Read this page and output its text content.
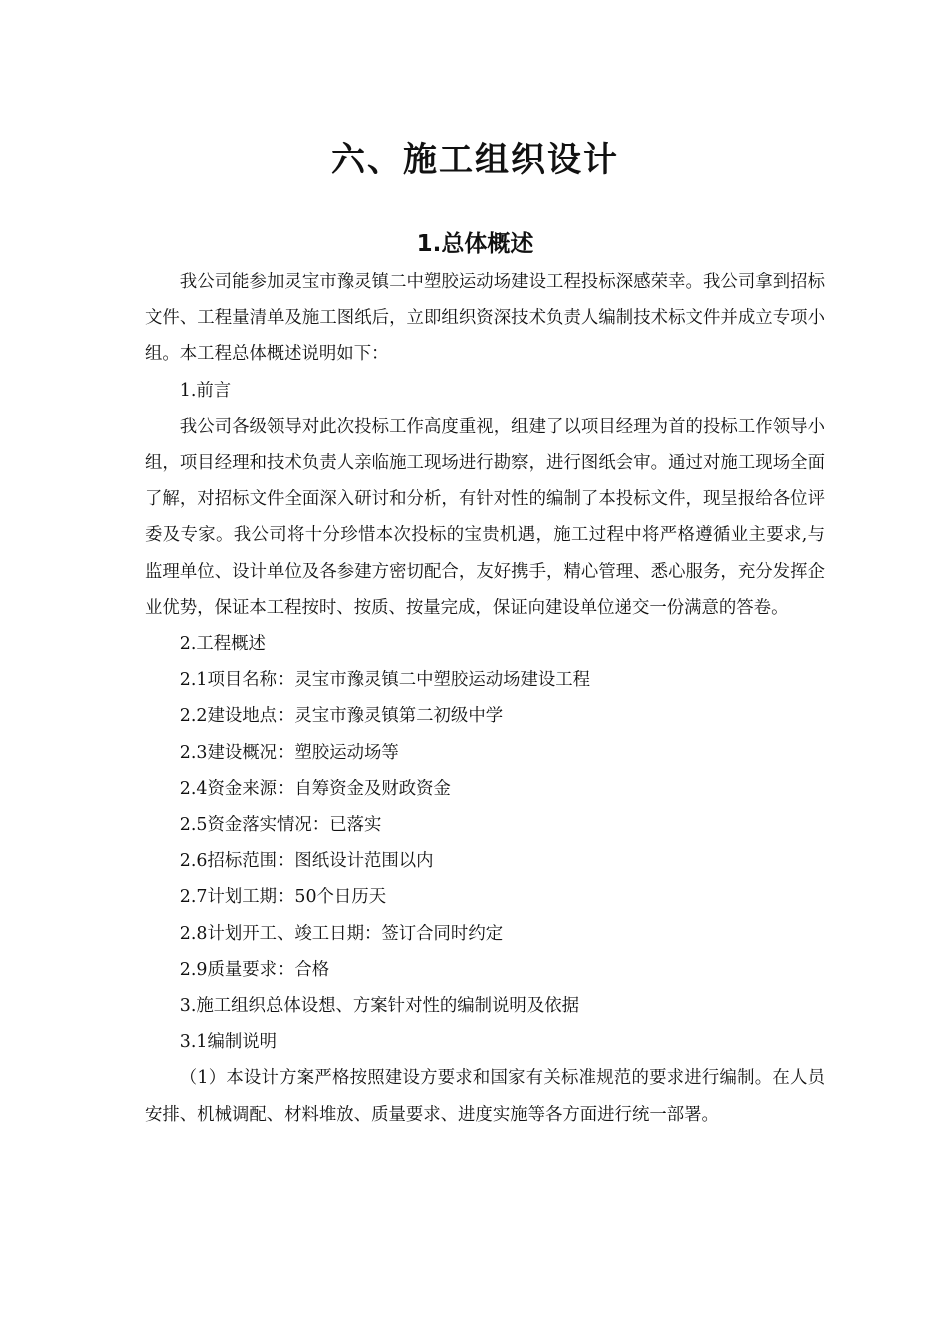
六、施工组织设计
1.总体概述

我公司能参加灵宝市豫灵镇二中塑胶运动场建设工程投标深感荣幸。我公司拿到招标文件、工程量清单及施工图纸后，立即组织资深技术负责人编制技术标文件并成立专项小组。本工程总体概述说明如下：

1.前言

我公司各级领导对此次投标工作高度重视，组建了以项目经理为首的投标工作领导小组，项目经理和技术负责人亲临施工现场进行勘察，进行图纸会审。通过对施工现场全面了解，对招标文件全面深入研讨和分析，有针对性的编制了本投标文件，现呈报给各位评委及专家。我公司将十分珍惜本次投标的宝贵机遇，施工过程中将严格遵循业主要求,与监理单位、设计单位及各参建方密切配合，友好携手，精心管理、悉心服务，充分发挥企业优势，保证本工程按时、按质、按量完成，保证向建设单位递交一份满意的答卷。

2.工程概述

2.1项目名称：灵宝市豫灵镇二中塑胶运动场建设工程

2.2建设地点：灵宝市豫灵镇第二初级中学

2.3建设概况：塑胶运动场等

2.4资金来源：自筹资金及财政资金

2.5资金落实情况：已落实

2.6招标范围：图纸设计范围以内

2.7计划工期：50个日历天

2.8计划开工、竣工日期：签订合同时约定

2.9质量要求：合格

3.施工组织总体设想、方案针对性的编制说明及依据

3.1编制说明

（1）本设计方案严格按照建设方要求和国家有关标准规范的要求进行编制。在人员安排、机械调配、材料堆放、质量要求、进度实施等各方面进行统一部署。
